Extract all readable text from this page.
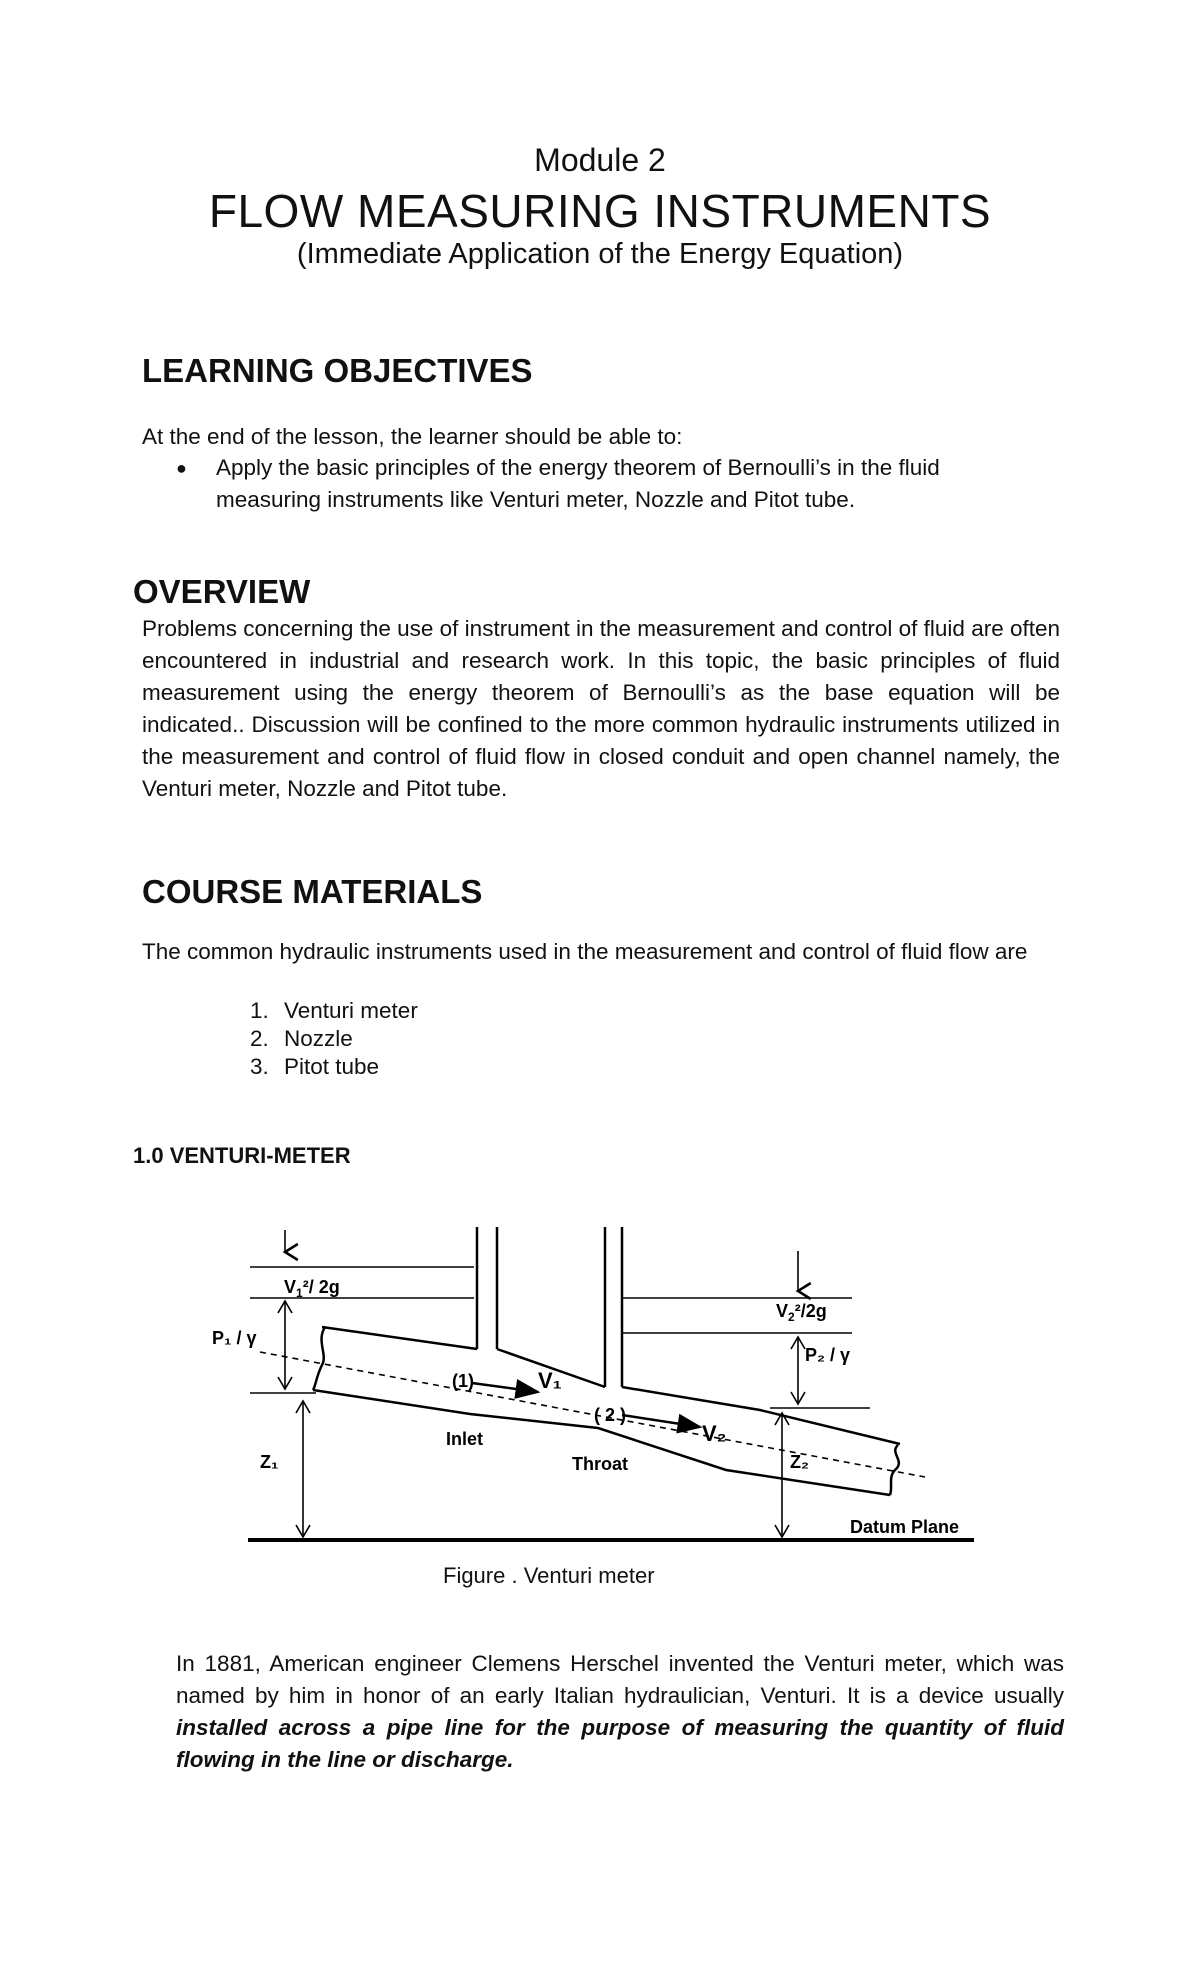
Module 2
FLOW MEASURING INSTRUMENTS
(Immediate Application of the Energy Equation)
LEARNING OBJECTIVES
At the end of the lesson, the learner should be able to:
●	Apply the basic principles of the energy theorem of Bernoulli’s in the fluid measuring instruments like Venturi meter, Nozzle and Pitot tube.
OVERVIEW
Problems concerning the use of instrument in the measurement and control of fluid are often encountered in industrial and research work. In this topic, the basic principles of fluid measurement using the energy theorem of Bernoulli’s as the base equation will be indicated.. Discussion will be confined to the more common hydraulic instruments utilized in the measurement and control of fluid flow in closed conduit and open channel namely, the Venturi meter, Nozzle and Pitot tube.
COURSE MATERIALS
The common hydraulic instruments used in the measurement and control of fluid flow are
1. Venturi meter
2. Nozzle
3. Pitot tube
1.0 VENTURI-METER
$V_1^2/$ 2g
$V_2^2/2g$
P₁ / γ
P₂ / γ
Z₁	Z₂
(1)
( 2 )
V₁
V₂
Inlet
Throat
Datum Plane
Figure . Venturi meter
In 1881, American engineer Clemens Herschel invented the Venturi meter, which was named by him in honor of an early Italian hydraulician, Venturi. It is a device usually installed across a pipe line for the purpose of measuring the quantity of fluid flowing in the line or discharge.
